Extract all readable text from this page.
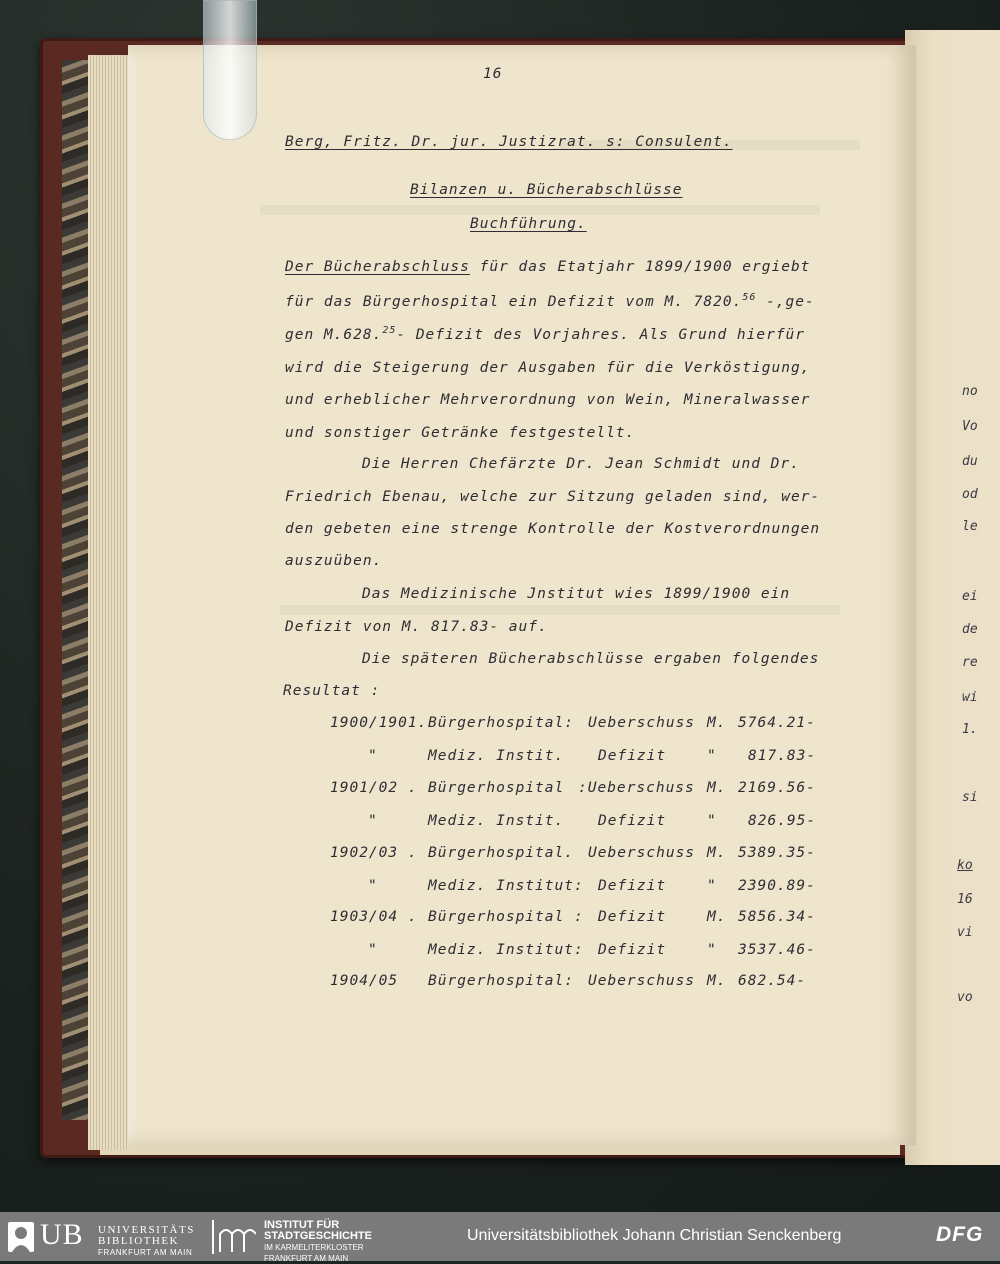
16
Berg, Fritz. Dr. jur. Justizrat. s: Consulent.
Bilanzen u. Bücherabschlüsse
Buchführung.
Der Bücherabschluss für das Etatjahr 1899/1900 ergiebt
für das Bürgerhospital ein Defizit vom M. 7820.56 -,ge-
gen M.628.25- Defizit des Vorjahres. Als Grund hierfür
wird die Steigerung der Ausgaben für die Verköstigung,
und erheblicher Mehrverordnung von Wein, Mineralwasser
und sonstiger Getränke festgestellt.
Die Herren Chefärzte Dr. Jean Schmidt und Dr.
Friedrich Ebenau, welche zur Sitzung geladen sind, wer-
den gebeten eine strenge Kontrolle der Kostverordnungen
auszuüben.
Das Medizinische Jnstitut wies 1899/1900 ein
Defizit von M. 817.83- auf.
Die späteren Bücherabschlüsse ergaben folgendes
Resultat :
1900/1901. Bürgerhospital: Ueberschuss M. 5764.21-
"	Mediz. Instit. Defizit	" 817.83-
1901/02 . Bürgerhospital :Ueberschuss M. 2169.56-
"	Mediz. Instit. Defizit	" 826.95-
1902/03 . Bürgerhospital. Ueberschuss M. 5389.35-
"	Mediz. Institut: Defizit	" 2390.89-
1903/04 . Bürgerhospital : Defizit	M. 5856.34-
"	Mediz. Institut: Defizit	" 3537.46-
1904/05 Bürgerhospital: Ueberschuss M. 682.54-
no
Vo
du
od
le
ei
de
re
wi
1.
si
ko
16
vi
vo
UB UNIVERSITÄTS
BIBLIOTHEK
FRANKFURT AM MAIN
INSTITUT FÜR
STADTGESCHICHTE
IM KARMELITERKLOSTER
FRANKFURT AM MAIN
Universitätsbibliothek Johann Christian Senckenberg	DFG
